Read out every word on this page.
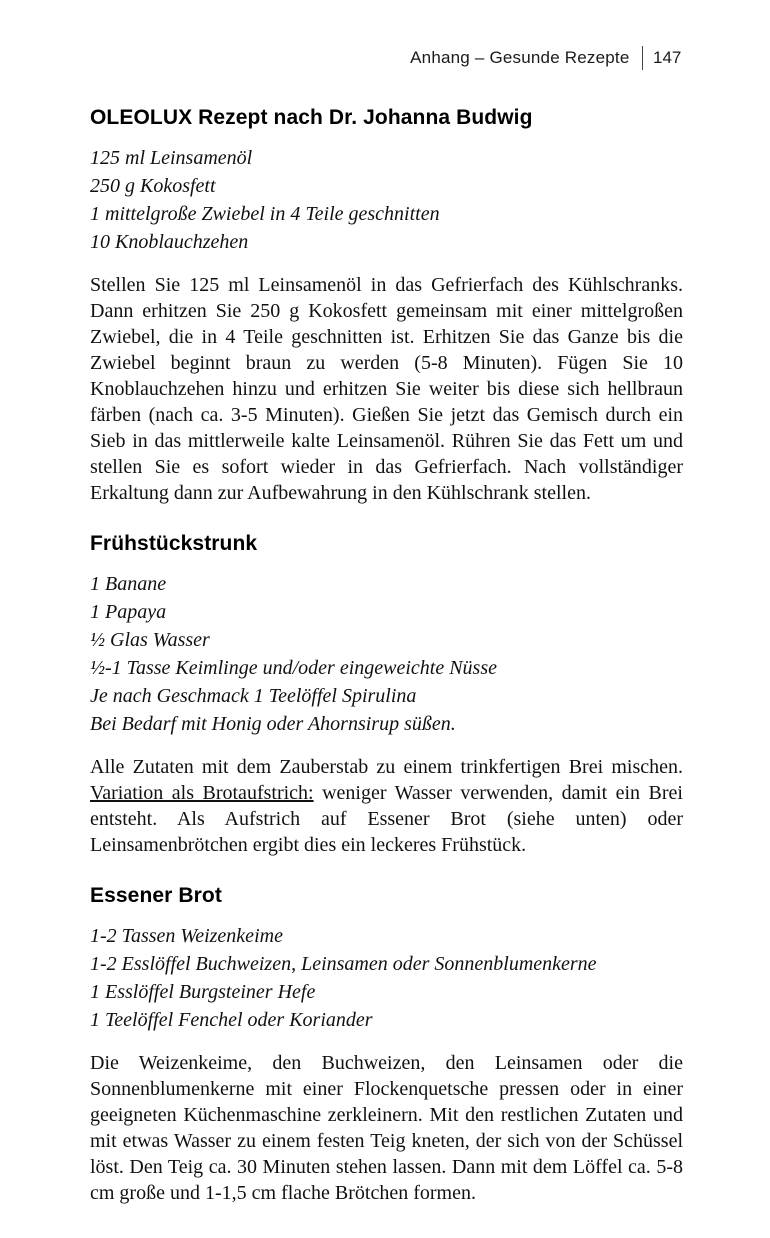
Anhang – Gesunde Rezepte 147
OLEOLUX Rezept nach Dr. Johanna Budwig
125 ml Leinsamenöl
250 g Kokosfett
1 mittelgroße Zwiebel in 4 Teile geschnitten
10 Knoblauchzehen

Stellen Sie 125 ml Leinsamenöl in das Gefrierfach des Kühlschranks. Dann erhitzen Sie 250 g Kokosfett gemeinsam mit einer mittelgroßen Zwiebel, die in 4 Teile geschnitten ist. Erhitzen Sie das Ganze bis die Zwiebel beginnt braun zu werden (5-8 Minuten). Fügen Sie 10 Knoblauchzehen hinzu und erhitzen Sie weiter bis diese sich hellbraun färben (nach ca. 3-5 Minuten). Gießen Sie jetzt das Gemisch durch ein Sieb in das mittlerweile kalte Leinsamenöl. Rühren Sie das Fett um und stellen Sie es sofort wieder in das Gefrierfach. Nach vollständiger Erkaltung dann zur Aufbewahrung in den Kühlschrank stellen.

Frühstückstrunk
1 Banane
1 Papaya
½ Glas Wasser
½-1 Tasse Keimlinge und/oder eingeweichte Nüsse
Je nach Geschmack 1 Teelöffel Spirulina
Bei Bedarf mit Honig oder Ahornsirup süßen.

Alle Zutaten mit dem Zauberstab zu einem trinkfertigen Brei mischen. Variation als Brotaufstrich: weniger Wasser verwenden, damit ein Brei entsteht. Als Aufstrich auf Essener Brot (siehe unten) oder Leinsamenbrötchen ergibt dies ein leckeres Frühstück.

Essener Brot
1-2 Tassen Weizenkeime
1-2 Esslöffel Buchweizen, Leinsamen oder Sonnenblumenkerne
1 Esslöffel Burgsteiner Hefe
1 Teelöffel Fenchel oder Koriander

Die Weizenkeime, den Buchweizen, den Leinsamen oder die Sonnenblumenkerne mit einer Flockenquetsche pressen oder in einer geeigneten Küchenmaschine zerkleinern. Mit den restlichen Zutaten und mit etwas Wasser zu einem festen Teig kneten, der sich von der Schüssel löst. Den Teig ca. 30 Minuten stehen lassen. Dann mit dem Löffel ca. 5-8 cm große und 1-1,5 cm flache Brötchen formen.
